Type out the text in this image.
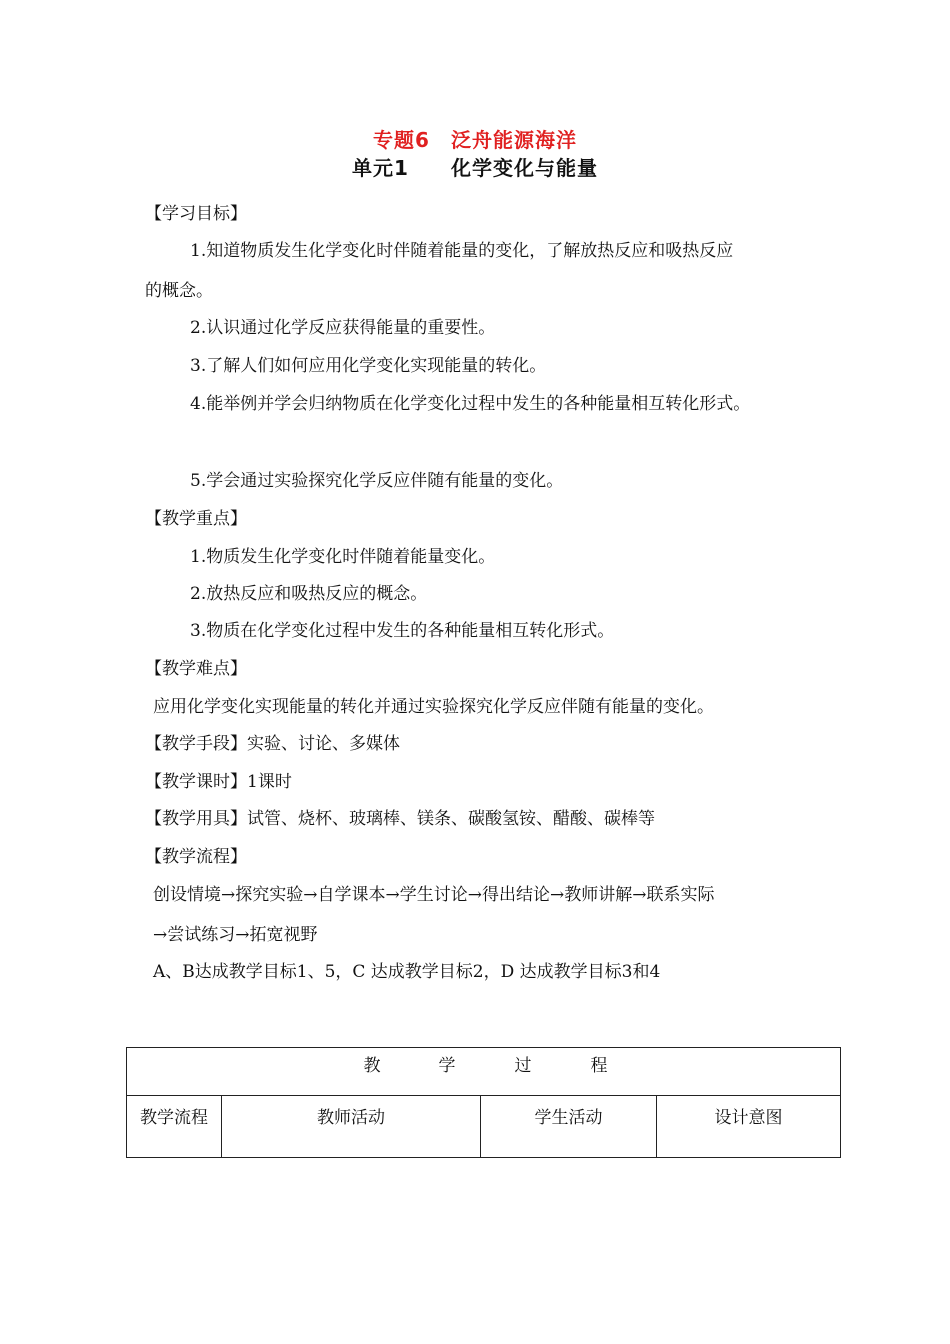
专题6　泛舟能源海洋
单元1　　化学变化与能量
【学习目标】
1.知道物质发生化学变化时伴随着能量的变化，了解放热反应和吸热反应
的概念。
2.认识通过化学反应获得能量的重要性。
3.了解人们如何应用化学变化实现能量的转化。
4.能举例并学会归纳物质在化学变化过程中发生的各种能量相互转化形式。
5.学会通过实验探究化学反应伴随有能量的变化。
【教学重点】
1.物质发生化学变化时伴随着能量变化。
2.放热反应和吸热反应的概念。
3.物质在化学变化过程中发生的各种能量相互转化形式。
【教学难点】
应用化学变化实现能量的转化并通过实验探究化学反应伴随有能量的变化。
【教学手段】实验、讨论、多媒体
【教学课时】1课时
【教学用具】试管、烧杯、玻璃棒、镁条、碳酸氢铵、醋酸、碳棒等
【教学流程】
创设情境→探究实验→自学课本→学生讨论→得出结论→教师讲解→联系实际
→尝试练习→拓宽视野
A、B达成教学目标1、5，C 达成教学目标2，D 达成教学目标3和4
教	学	过	程
教学流程	教师活动	学生活动	设计意图
